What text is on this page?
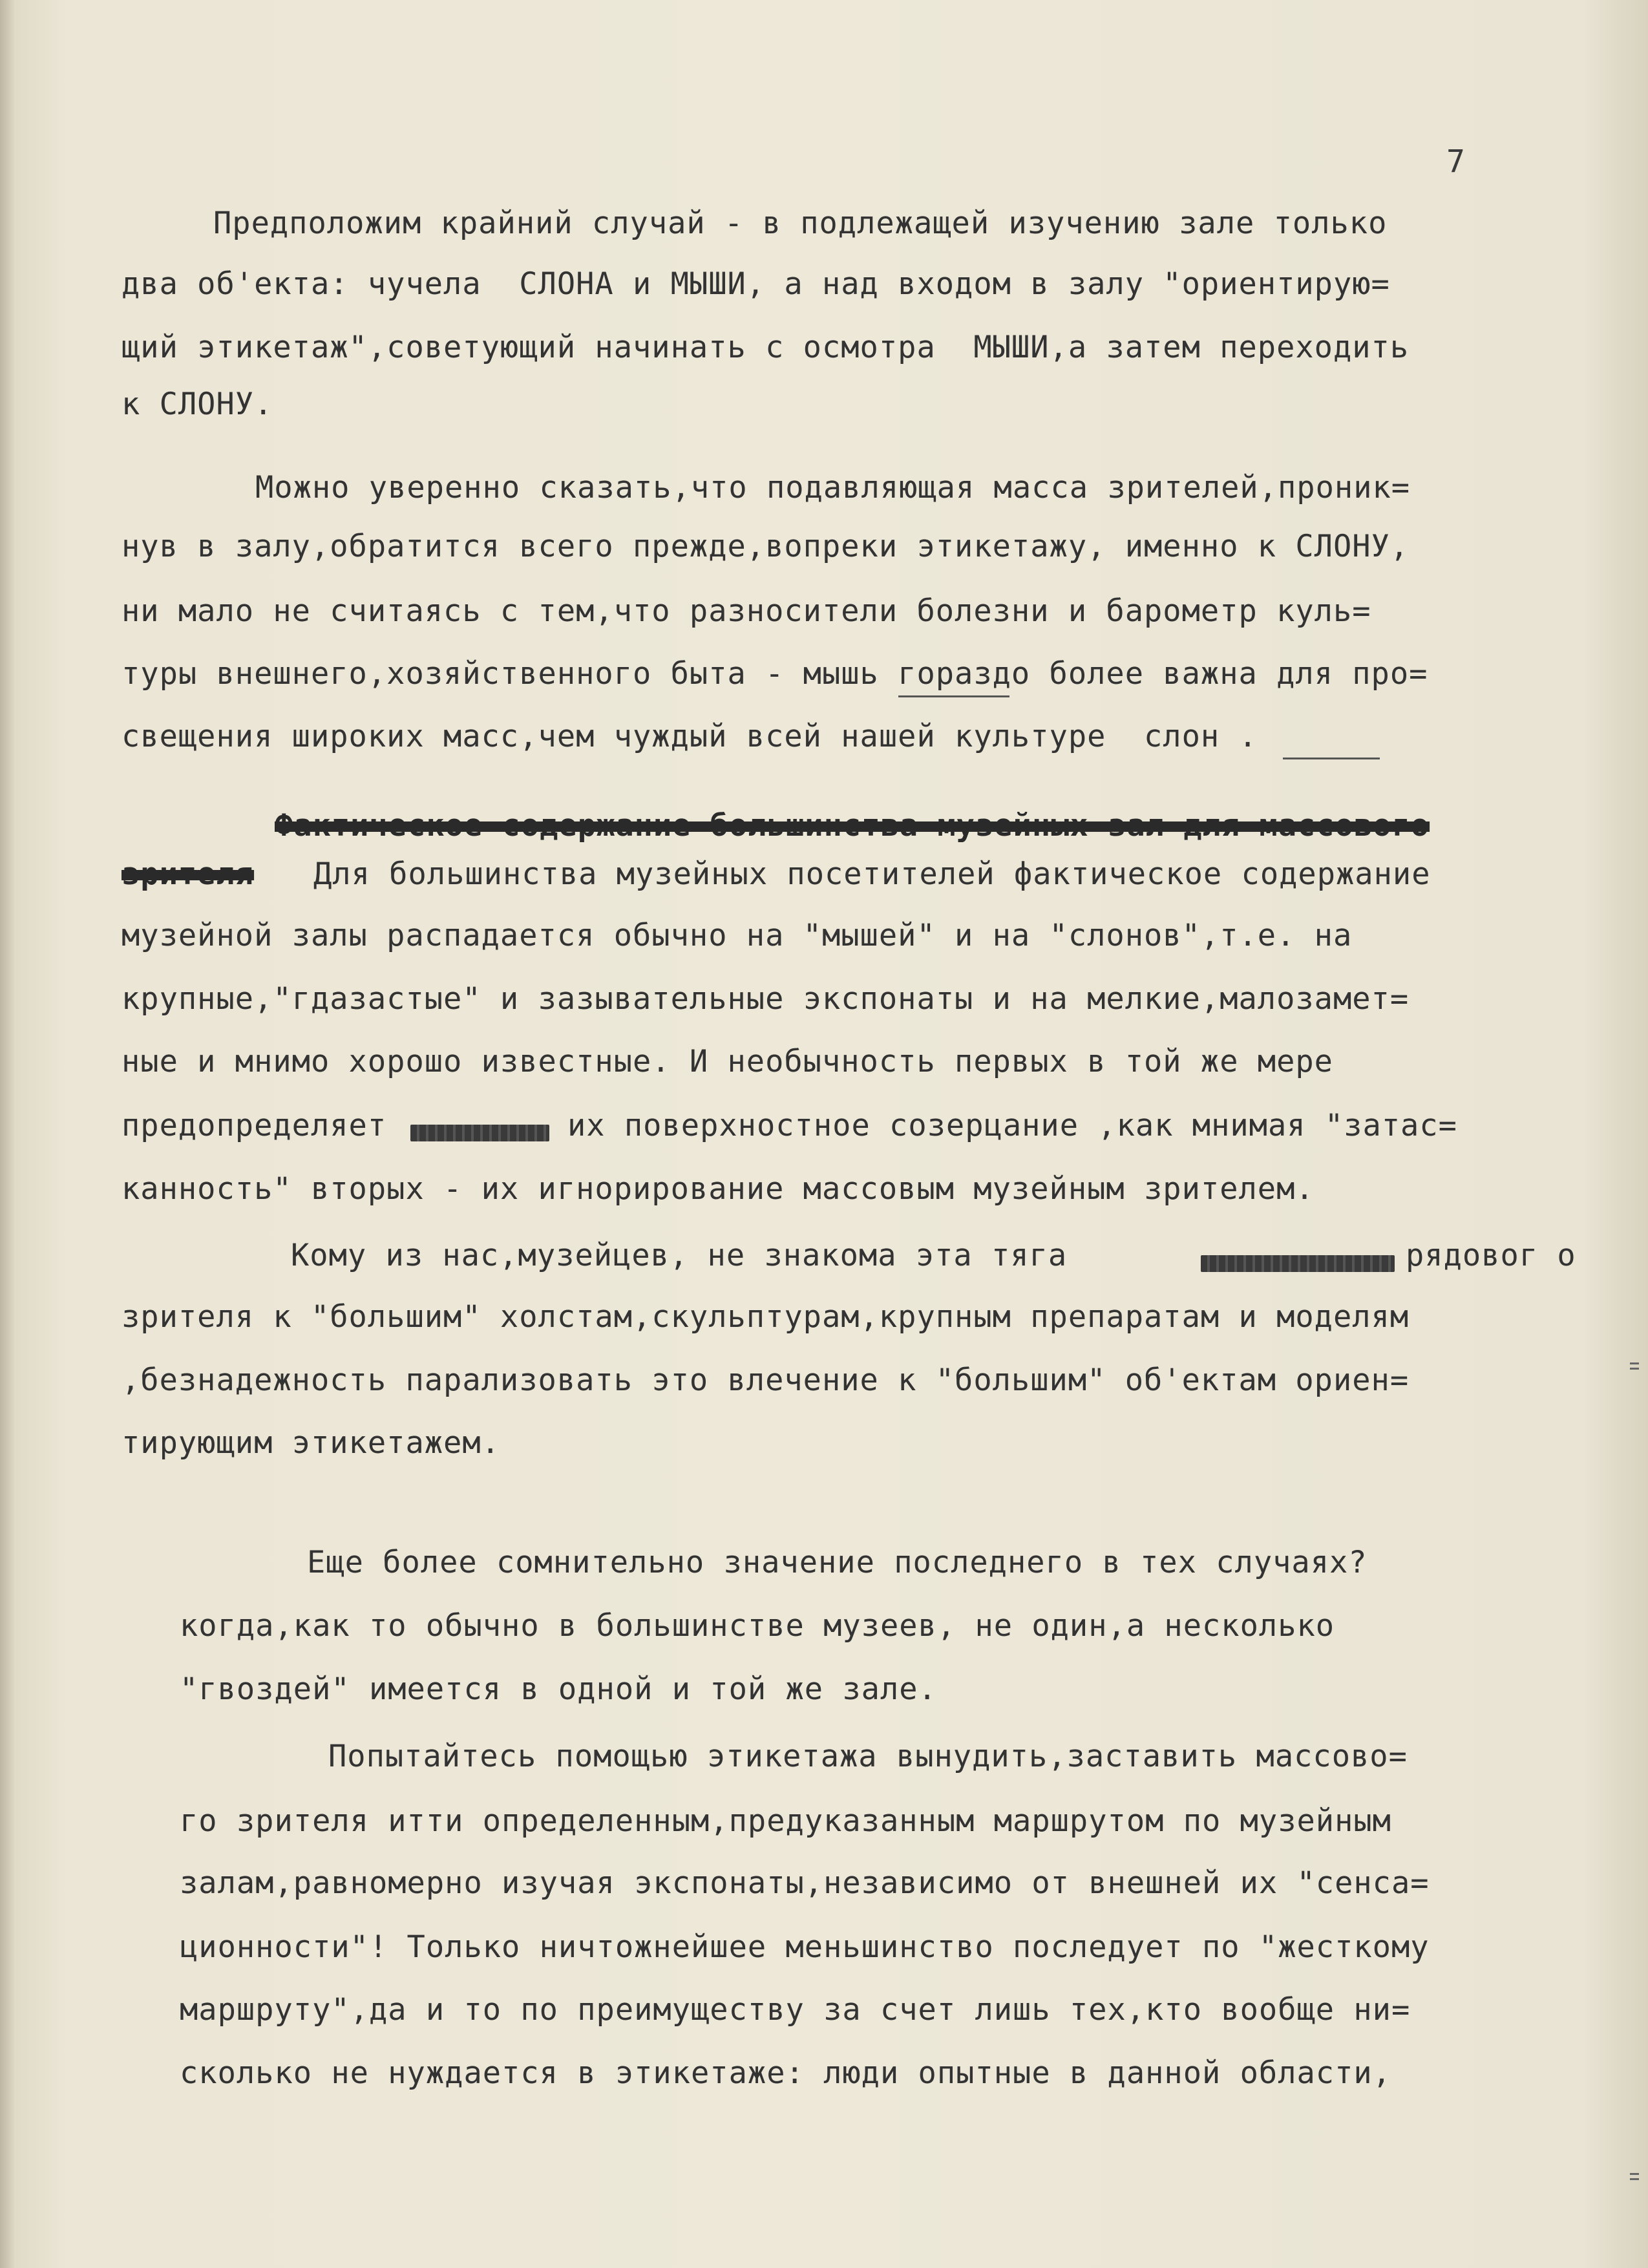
7
Предположим крайний случай - в подлежащей изучению зале только
два об'екта: чучела  СЛОНА и МЫШИ, а над входом в залу "ориентирую=
щий этикетаж",советующий начинать с осмотра  МЫШИ,а затем переходить
к СЛОНУ.
Можно уверенно сказать,что подавляющая масса зрителей,проник=
нув в залу,обратится всего прежде,вопреки этикетажу, именно к СЛОНУ,
ни мало не считаясь с тем,что разносители болезни и барометр куль=
туры внешнего,хозяйственного быта - мышь гораздо более важна для про=
свещения широких масс,чем чуждый всей нашей культуре  слон .
Фактическое содержание большинства музейных зал для массового
зрителя Для большинства музейных посетителей фактическое содержание
музейной залы распадается обычно на "мышей" и на "слонов",т.е. на
крупные,"гдазастые" и зазывательные экспонаты и на мелкие,малозамет=
ные и мнимо хорошо известные. И необычность первых в той же мере
предопределяет	их поверхностное созерцание ,как мнимая "затас=
канность" вторых - их игнорирование массовым музейным зрителем.
Кому из нас,музейцев, не знакома эта тяга	рядовог о
зрителя к "большим" холстам,скульптурам,крупным препаратам и моделям
,безнадежность парализовать это влечение к "большим" об'ектам ориен=
тирующим этикетажем.
Еще более сомнительно значение последнего в тех случаях?
когда,как то обычно в большинстве музеев, не один,а несколько
"гвоздей" имеется в одной и той же зале.
Попытайтесь помощью этикетажа вынудить,заставить массово=
го зрителя итти определенным,предуказанным маршрутом по музейным
залам,равномерно изучая экспонаты,независимо от внешней их "сенса=
ционности"! Только ничтожнейшее меньшинство последует по "жесткому
маршруту",да и то по преимуществу за счет лишь тех,кто вообще ни=
сколько не нуждается в этикетаже: люди опытные в данной области,
